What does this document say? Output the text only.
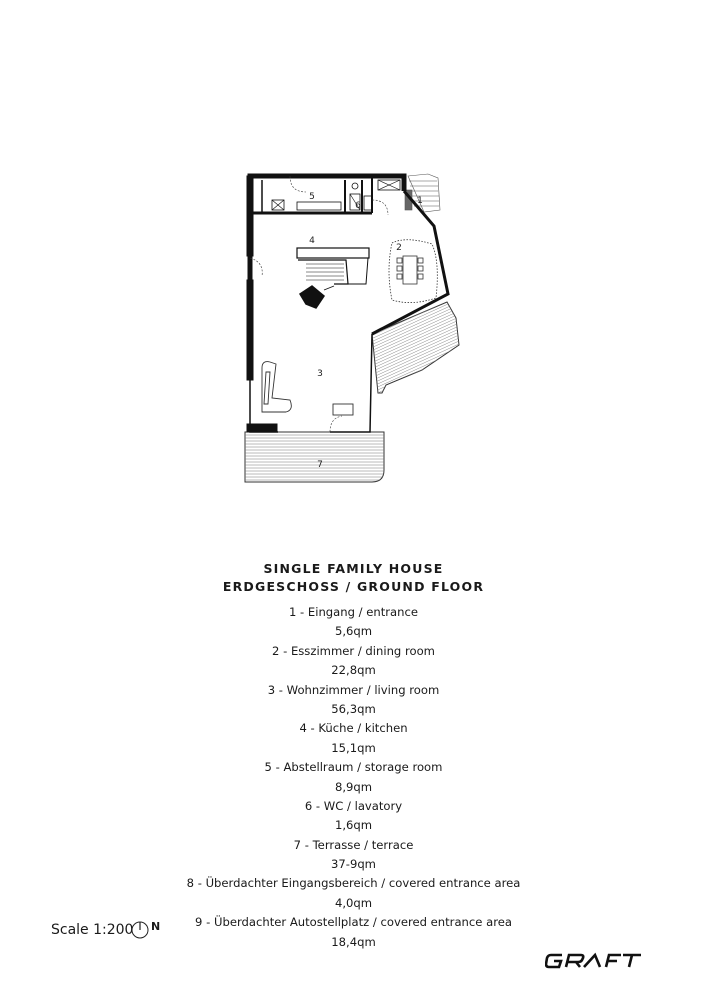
5
6	1
4
2
3
7
SINGLE FAMILY HOUSE
ERDGESCHOSS / GROUND FLOOR
1 - Eingang / entrance
5,6qm
2 - Esszimmer / dining room
22,8qm
3 - Wohnzimmer / living room
56,3qm
4 - Küche / kitchen
15,1qm
5 - Abstellraum / storage room
8,9qm
6 - WC / lavatory
1,6qm
7 - Terrasse / terrace
37-9qm
8 - Überdachter Eingangsbereich / covered entrance area
4,0qm
9 - Überdachter Autostellplatz / covered entrance area
18,4qm
Scale 1:200 N
